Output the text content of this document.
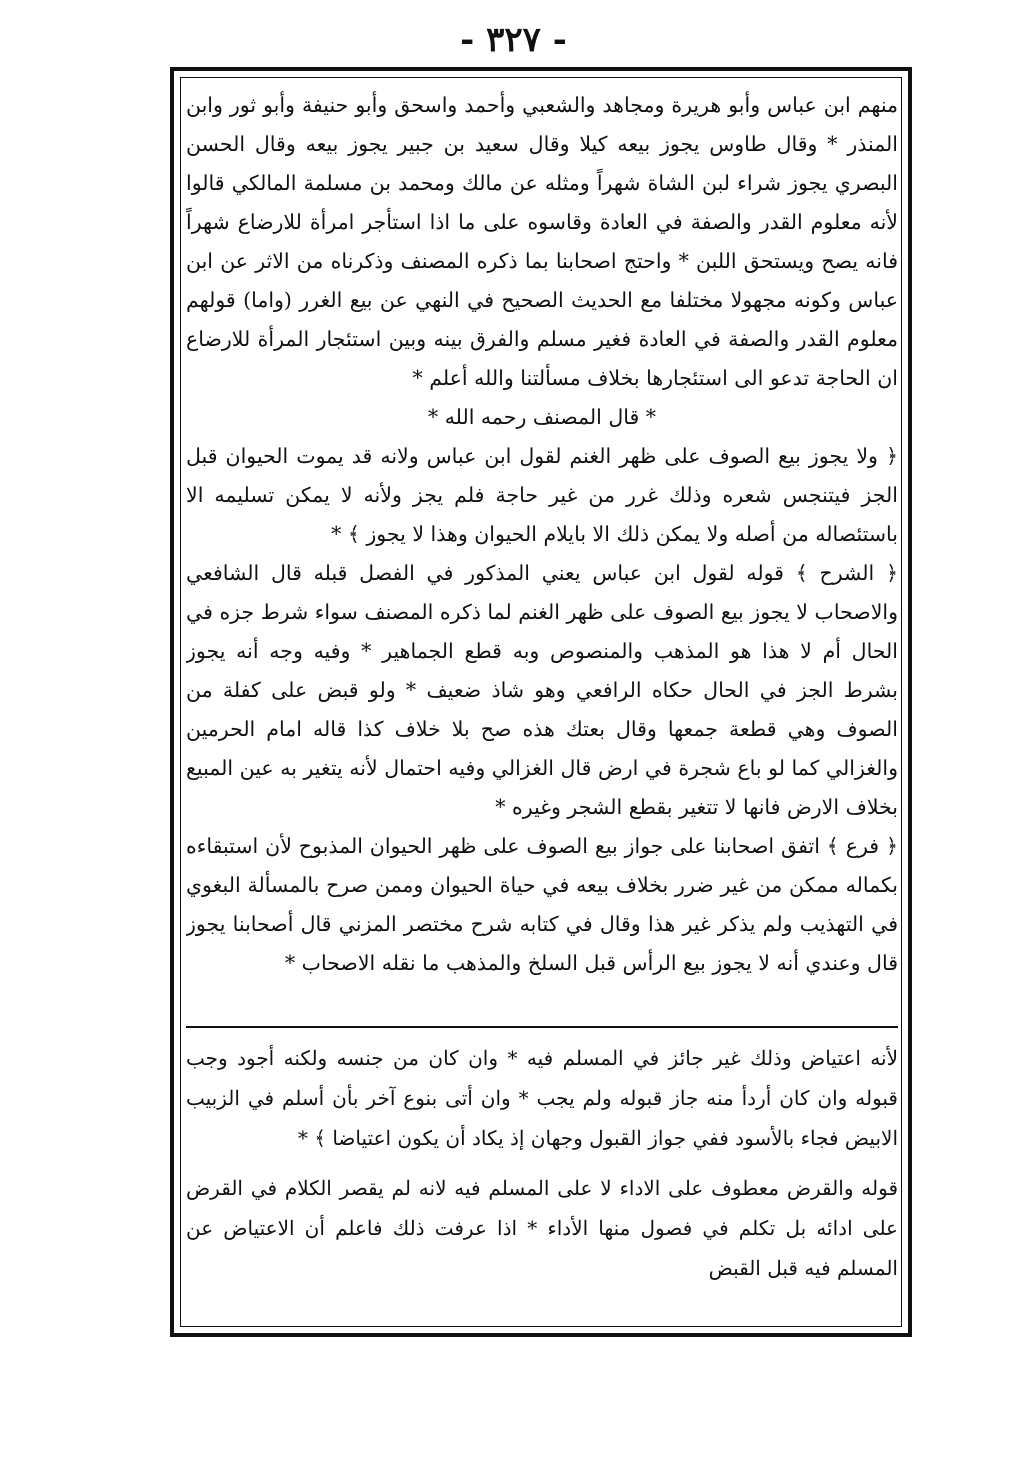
- ٣٢٧ -

منهم ابن عباس وأبو هريرة ومجاهد والشعبي وأحمد واسحق وأبو حنيفة وأبو ثور وابن المنذر * وقال طاوس يجوز بيعه كيلا وقال سعيد بن جبير يجوز بيعه وقال الحسن البصري يجوز شراء لبن الشاة شهراً ومثله عن مالك ومحمد بن مسلمة المالكي قالوا لأنه معلوم القدر والصفة في العادة وقاسوه على ما اذا استأجر امرأة للارضاع شهراً فانه يصح ويستحق اللبن * واحتج اصحابنا بما ذكره المصنف وذكرناه من الاثر عن ابن عباس وكونه مجهولا مختلفا مع الحديث الصحيح في النهي عن بيع الغرر (واما) قولهم معلوم القدر والصفة في العادة فغير مسلم والفرق بينه وبين استئجار المرأة للارضاع ان الحاجة تدعو الى استئجارها بخلاف مسألتنا والله أعلم *

* قال المصنف رحمه الله *

﴿ ولا يجوز بيع الصوف على ظهر الغنم لقول ابن عباس ولانه قد يموت الحيوان قبل الجز فيتنجس شعره وذلك غرر من غير حاجة فلم يجز ولأنه لا يمكن تسليمه الا باستئصاله من أصله ولا يمكن ذلك الا بايلام الحيوان وهذا لا يجوز ﴾ *

﴿ الشرح ﴾ قوله لقول ابن عباس يعني المذكور في الفصل قبله قال الشافعي والاصحاب لا يجوز بيع الصوف على ظهر الغنم لما ذكره المصنف سواء شرط جزه في الحال أم لا هذا هو المذهب والمنصوص وبه قطع الجماهير * وفيه وجه أنه يجوز بشرط الجز في الحال حكاه الرافعي وهو شاذ ضعيف * ولو قبض على كفلة من الصوف وهي قطعة جمعها وقال بعتك هذه صح بلا خلاف كذا قاله امام الحرمين والغزالي كما لو باع شجرة في ارض قال الغزالي وفيه احتمال لأنه يتغير به عين المبيع بخلاف الارض فانها لا تتغير بقطع الشجر وغيره *

﴿ فرع ﴾ اتفق اصحابنا على جواز بيع الصوف على ظهر الحيوان المذبوح لأن استبقاءه بكماله ممكن من غير ضرر بخلاف بيعه في حياة الحيوان وممن صرح بالمسألة البغوي في التهذيب ولم يذكر غير هذا وقال في كتابه شرح مختصر المزني قال أصحابنا يجوز قال وعندي أنه لا يجوز بيع الرأس قبل السلخ والمذهب ما نقله الاصحاب *

لأنه اعتياض وذلك غير جائز في المسلم فيه * وان كان من جنسه ولكنه أجود وجب قبوله وان كان أردأ منه جاز قبوله ولم يجب * وان أتى بنوع آخر بأن أسلم في الزبيب الابيض فجاء بالأسود ففي جواز القبول وجهان إذ يكاد أن يكون اعتياضا ﴾ *

قوله والقرض معطوف على الاداء لا على المسلم فيه لانه لم يقصر الكلام في القرض على ادائه بل تكلم في فصول منها الأداء * اذا عرفت ذلك فاعلم أن الاعتياض عن المسلم فيه قبل القبض
